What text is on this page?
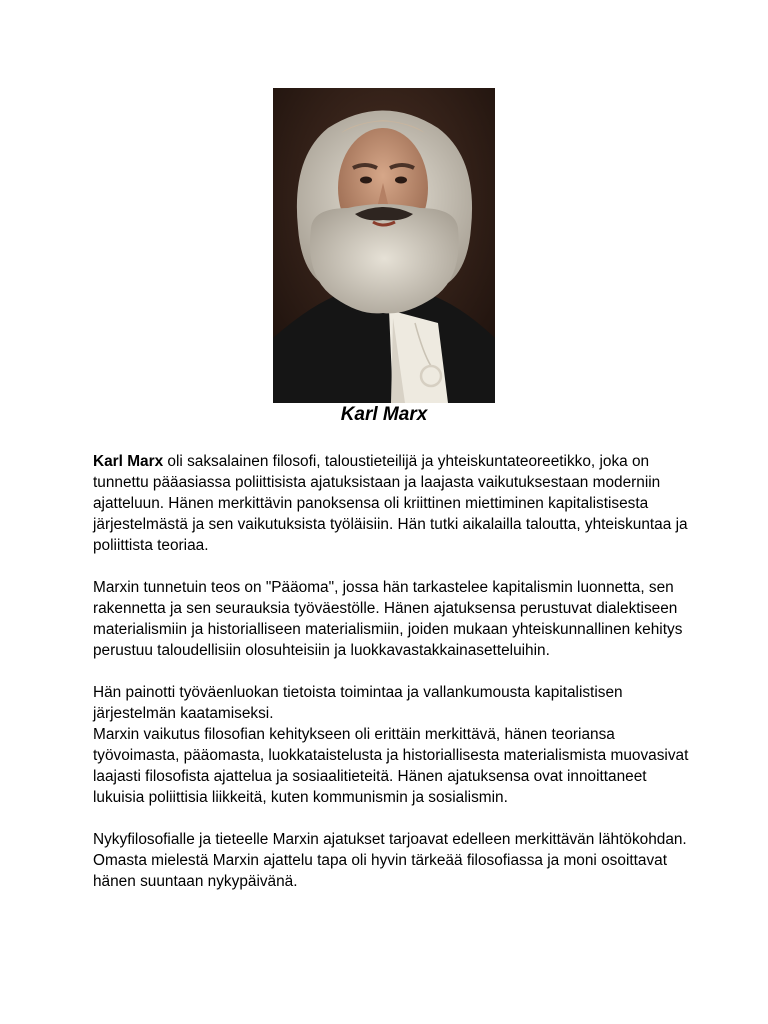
Karl Marx

Karl Marx oli saksalainen filosofi, taloustieteilijä ja yhteiskuntateoreetikko, joka on tunnettu pääasiassa poliittisista ajatuksistaan ja laajasta vaikutuksestaan moderniin ajatteluun. Hänen merkittävin panoksensa oli kriittinen miettiminen kapitalistisesta järjestelmästä ja sen vaikutuksista työläisiin. Hän tutki aikalailla taloutta, yhteiskuntaa ja poliittista teoriaa.

Marxin tunnetuin teos on "Pääoma", jossa hän tarkastelee kapitalismin luonnetta, sen rakennetta ja sen seurauksia työväestölle. Hänen ajatuksensa perustuvat dialektiseen materialismiin ja historialliseen materialismiin, joiden mukaan yhteiskunnallinen kehitys perustuu taloudellisiin olosuhteisiin ja luokkavastakkainasetteluihin.

Hän painotti työväenluokan tietoista toimintaa ja vallankumousta kapitalistisen järjestelmän kaatamiseksi.
Marxin vaikutus filosofian kehitykseen oli erittäin merkittävä, hänen teoriansa työvoimasta, pääomasta, luokkataistelusta ja historiallisesta materialismista muovasivat laajasti filosofista ajattelua ja sosiaalitieteitä. Hänen ajatuksensa ovat innoittaneet lukuisia poliittisia liikkeitä, kuten kommunismin ja sosialismin.

Nykyfilosofialle ja tieteelle Marxin ajatukset tarjoavat edelleen merkittävän lähtökohdan. Omasta mielestä Marxin ajattelu tapa oli hyvin tärkeää filosofiassa ja moni osoittavat hänen suuntaan nykypäivänä.
